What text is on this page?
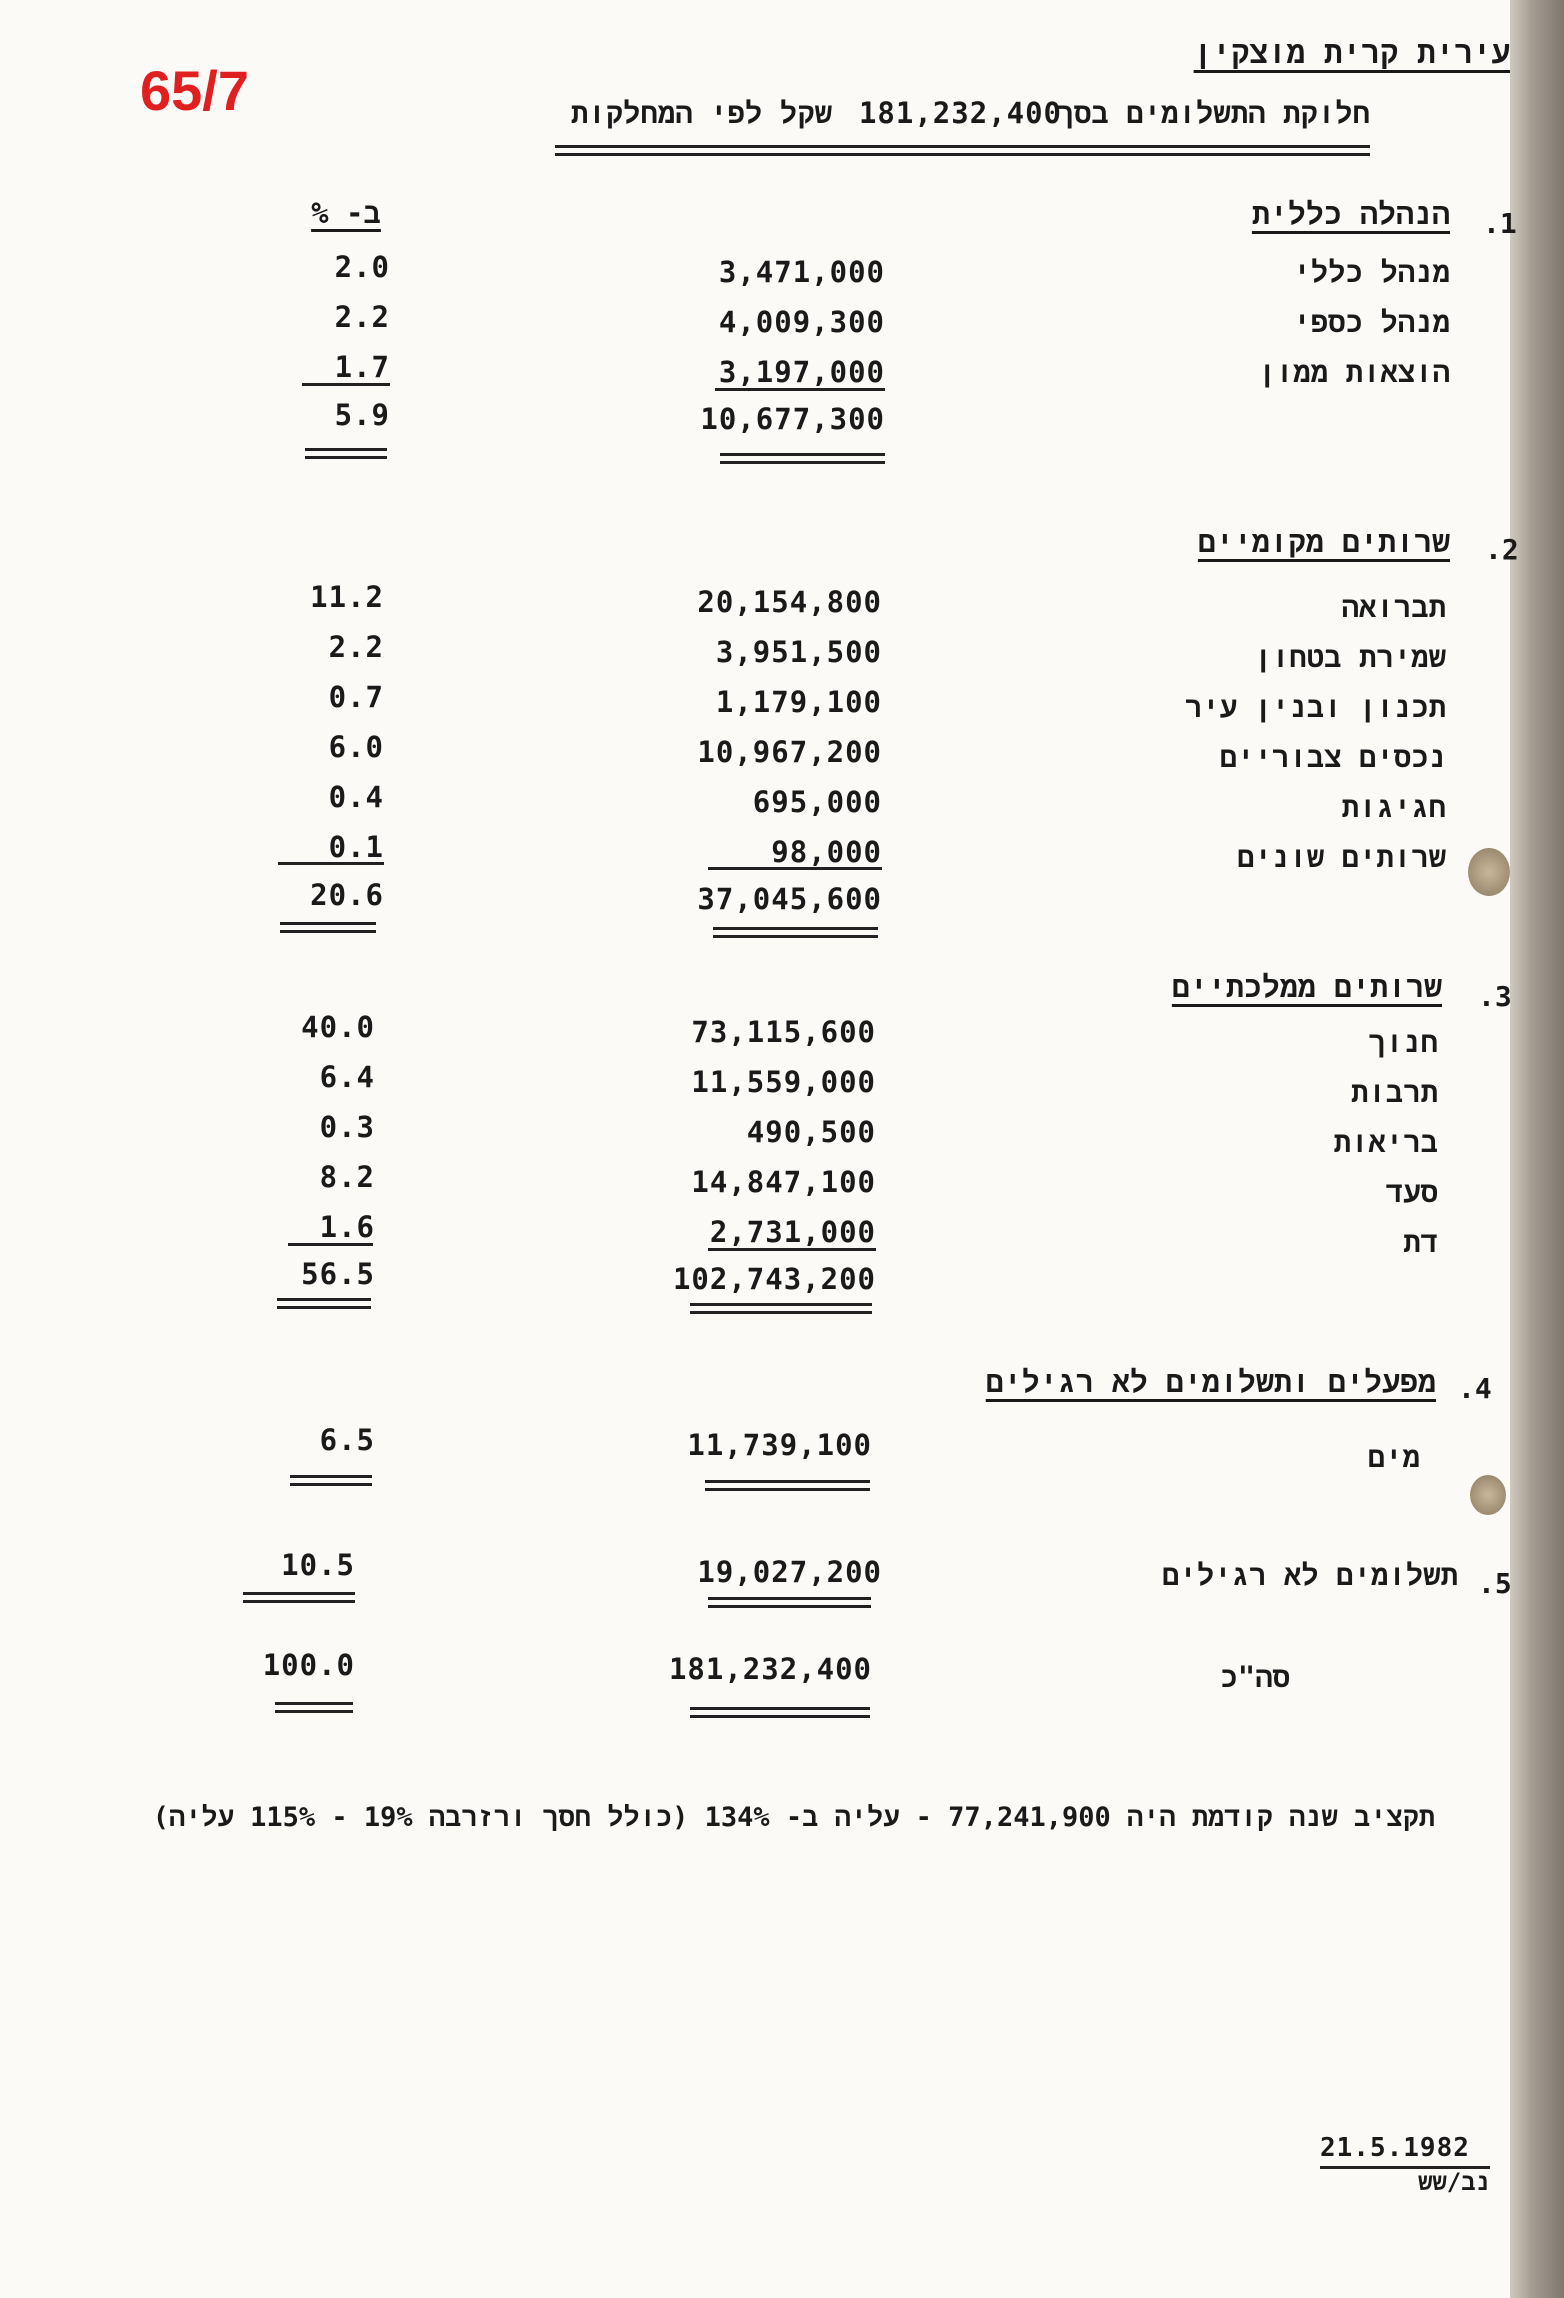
65/7
עירית קרית מוצקין
חלוקת התשלומים בסך
181,232,400
שקל לפי המחלקות
ב- %	.1
הנהלה כללית
מנהל כללי
3,471,000
2.0
מנהל כספי
4,009,300
2.2
הוצאות ממון
3,197,000
1.7
10,677,300
5.9
.2
שרותים מקומיים
תברואה
20,154,800
11.2
שמירת בטחון
3,951,500
2.2
תכנון ובנין עיר
1,179,100
0.7
נכסים צבוריים
10,967,200
6.0
חגיגות
695,000
0.4
שרותים שונים
98,000
0.1
37,045,600
20.6
.3
שרותים ממלכתיים
חנוך
73,115,600
40.0
תרבות
11,559,000
6.4
בריאות
490,500
0.3
סעד
14,847,100
8.2
דת
2,731,000
1.6
102,743,200
56.5
.4
מפעלים ותשלומים לא רגילים
מים
11,739,100
6.5
.5
תשלומים לא רגילים
19,027,200
10.5
סה"כ
181,232,400
100.0
תקציב שנה קודמת היה 77,241,900 - עליה ב- 134% (כולל חסך ורזרבה 19% - 115% עליה)
21.5.1982
נב/שש
